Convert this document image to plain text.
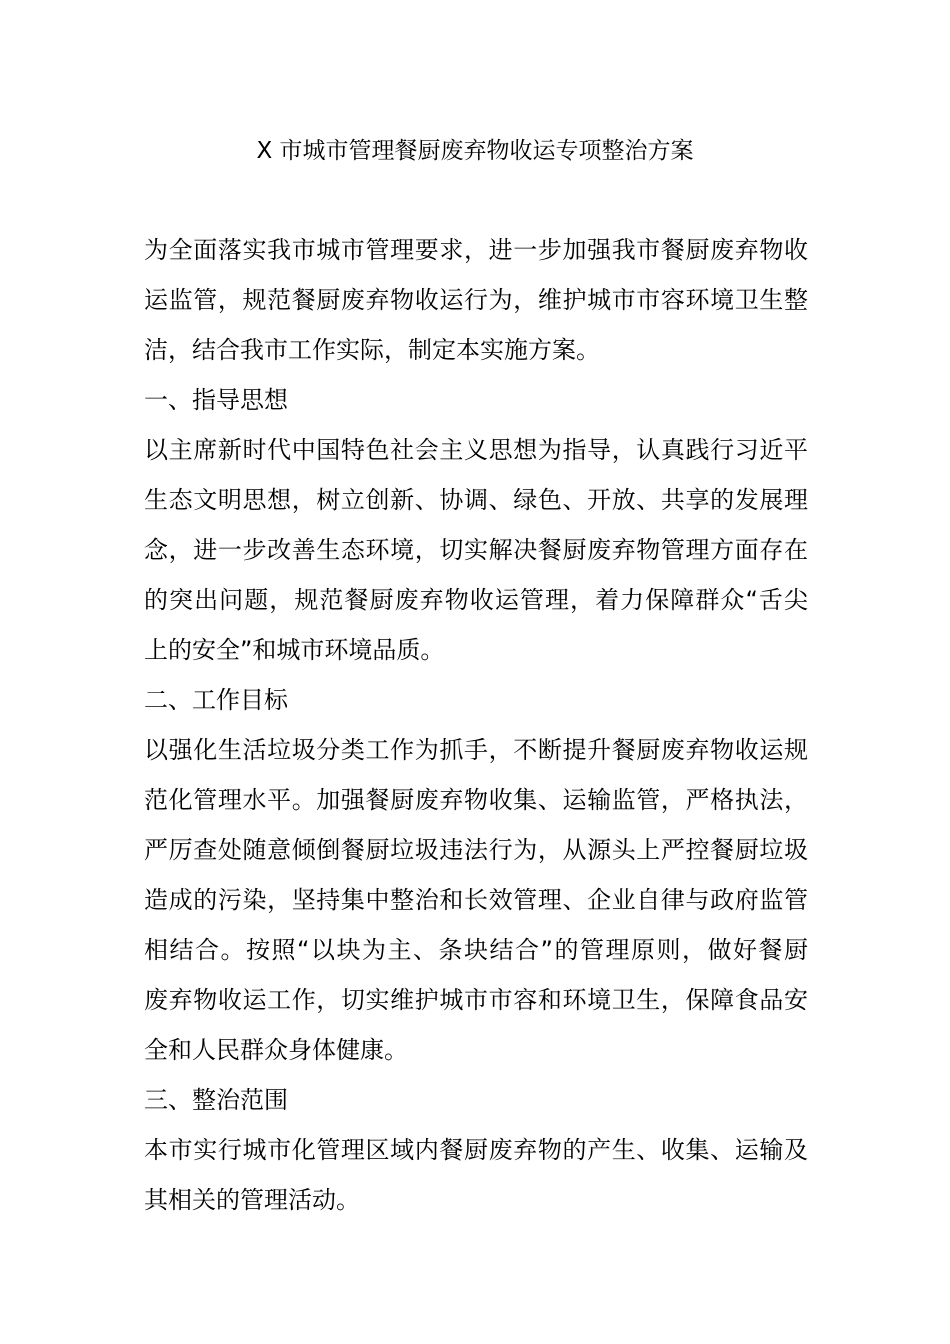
X 市城市管理餐厨废弃物收运专项整治方案
为全面落实我市城市管理要求，进一步加强我市餐厨废弃物收
运监管，规范餐厨废弃物收运行为，维护城市市容环境卫生整
洁，结合我市工作实际，制定本实施方案。
一、指导思想
以主席新时代中国特色社会主义思想为指导，认真践行习近平
生态文明思想，树立创新、协调、绿色、开放、共享的发展理
念，进一步改善生态环境，切实解决餐厨废弃物管理方面存在
的突出问题，规范餐厨废弃物收运管理，着力保障群众“舌尖
上的安全”和城市环境品质。
二、工作目标
以强化生活垃圾分类工作为抓手，不断提升餐厨废弃物收运规
范化管理水平。加强餐厨废弃物收集、运输监管，严格执法，
严厉查处随意倾倒餐厨垃圾违法行为，从源头上严控餐厨垃圾
造成的污染，坚持集中整治和长效管理、企业自律与政府监管
相结合。按照“以块为主、条块结合”的管理原则，做好餐厨
废弃物收运工作，切实维护城市市容和环境卫生，保障食品安
全和人民群众身体健康。
三、整治范围
本市实行城市化管理区域内餐厨废弃物的产生、收集、运输及
其相关的管理活动。
